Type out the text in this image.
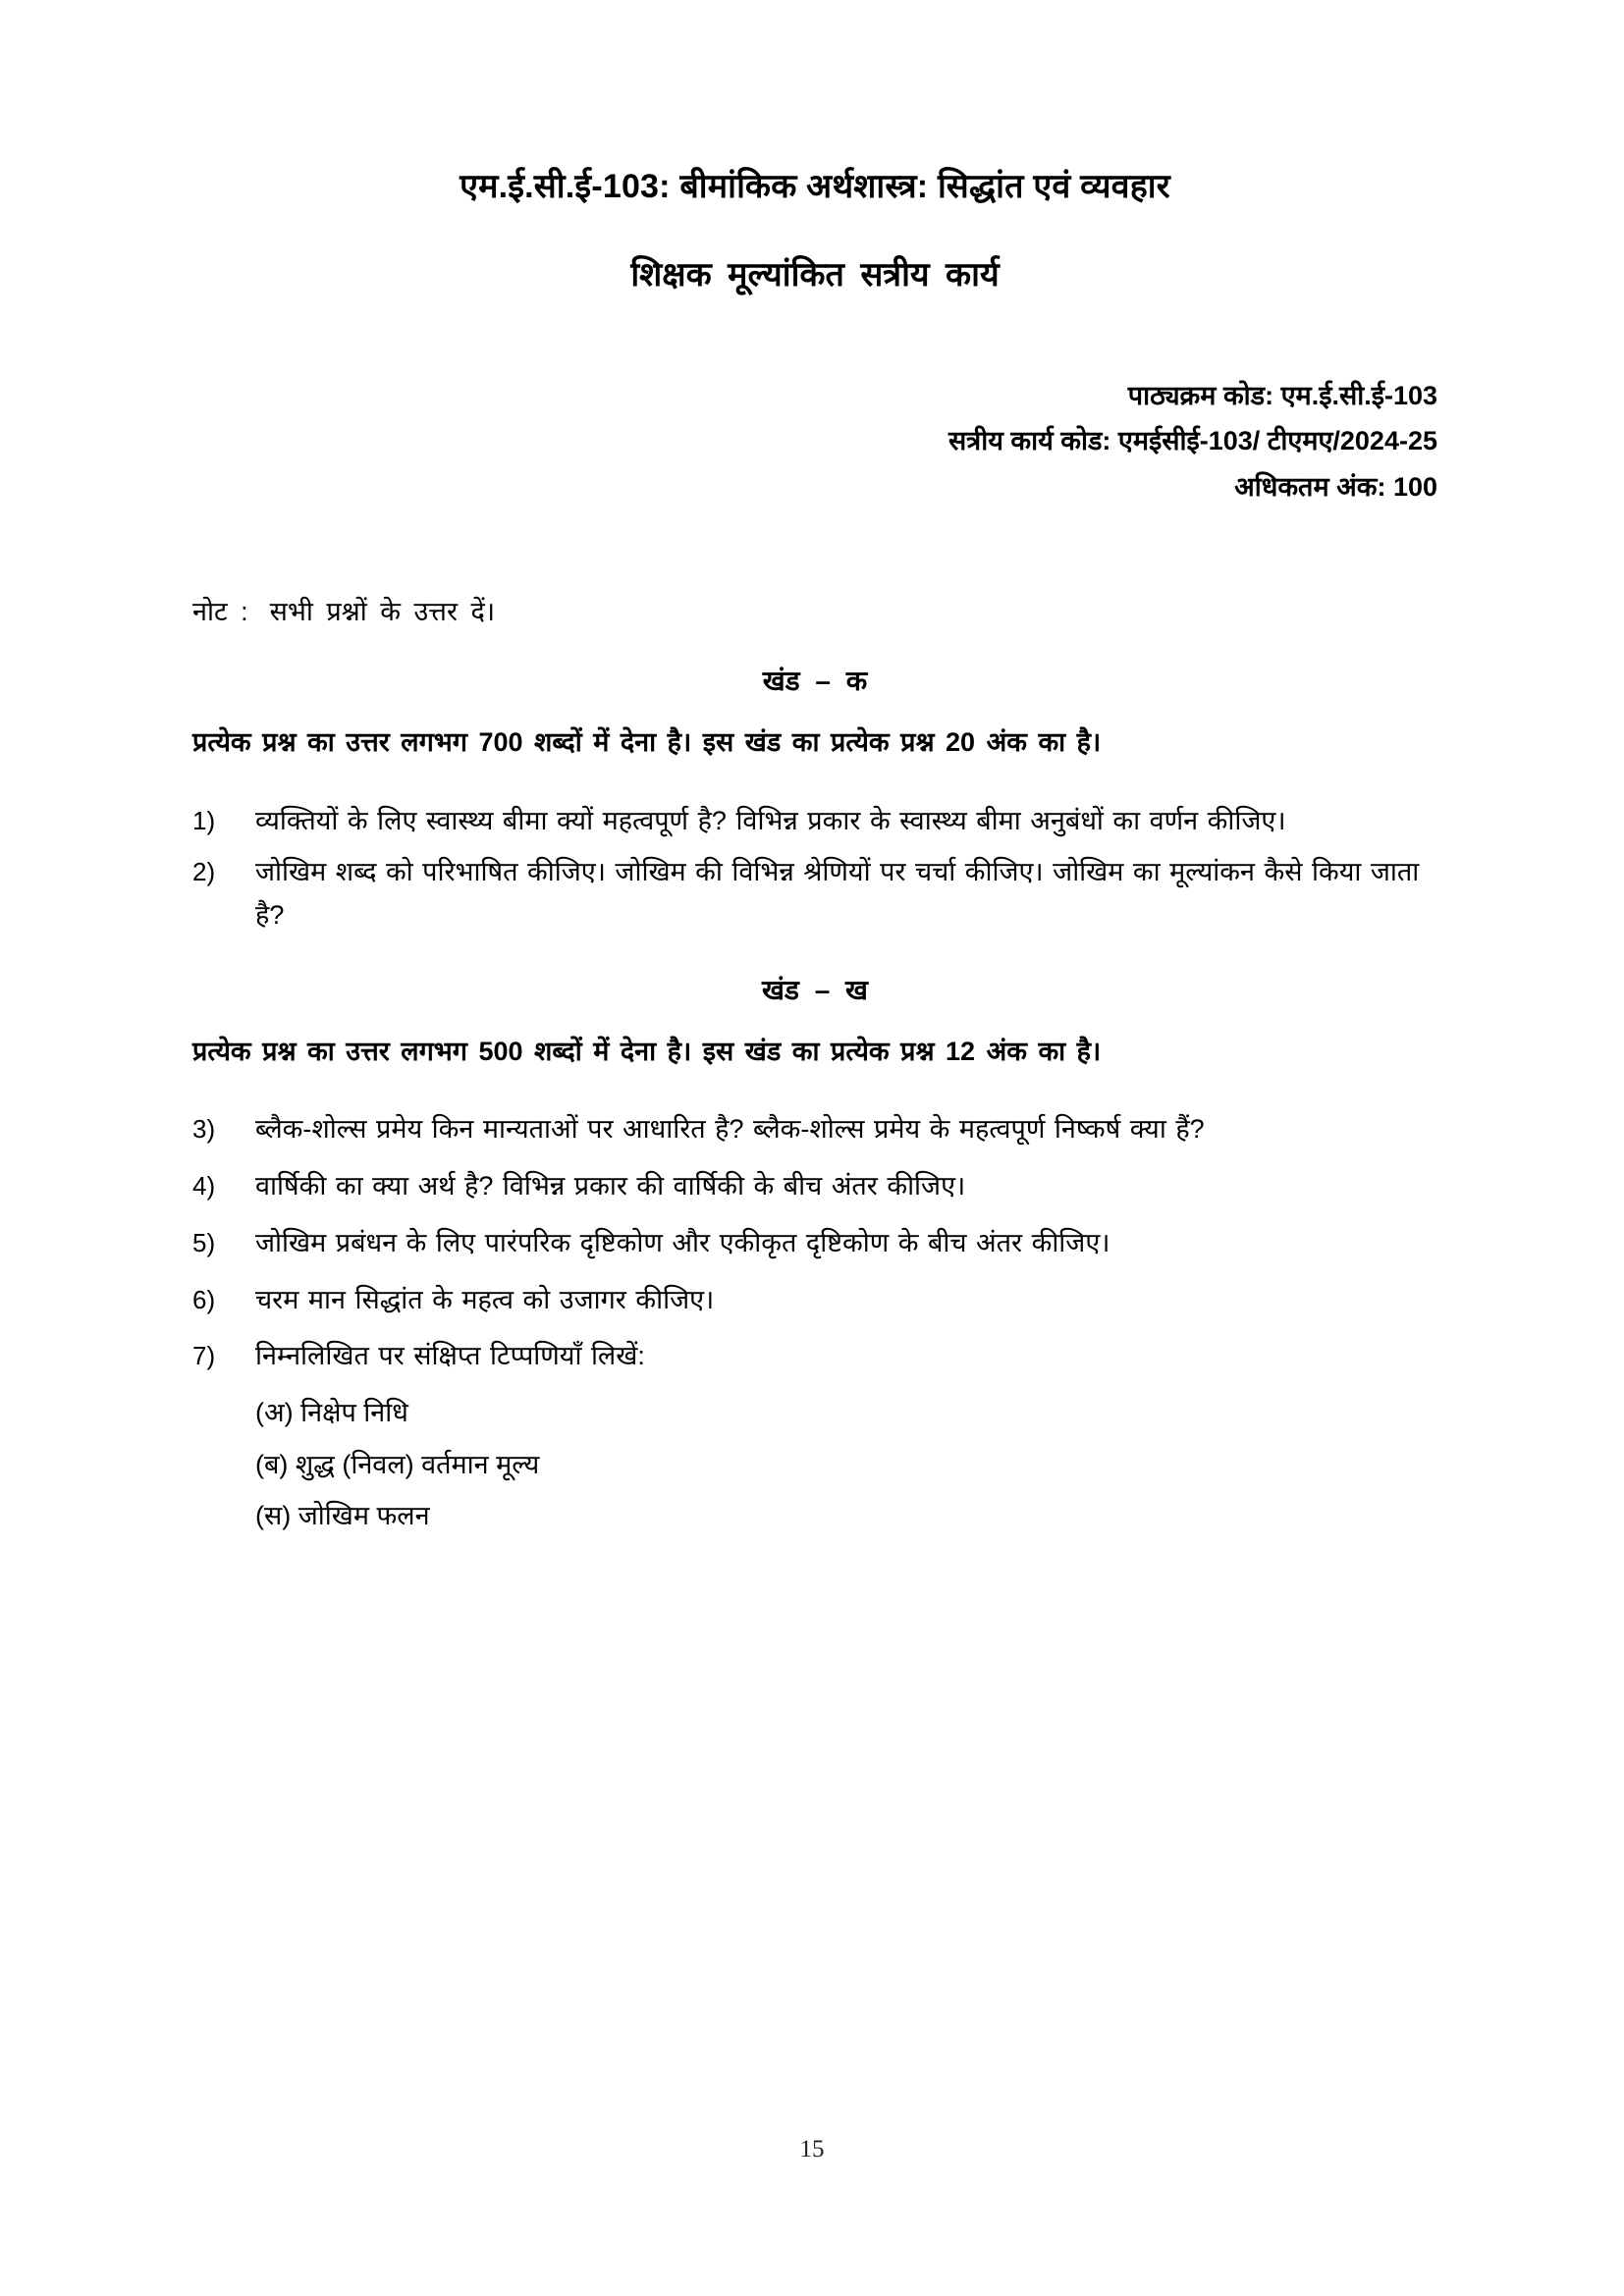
एम.ई.सी.ई-103: बीमांकिक अर्थशास्त्र: सिद्धांत एवं व्यवहार
शिक्षक मूल्यांकित सत्रीय कार्य
पाठ्यक्रम कोड: एम.ई.सी.ई-103
सत्रीय कार्य कोड: एमईसीई-103/ टीएमए/2024-25
अधिकतम अंक: 100
नोट : सभी प्रश्नों के उत्तर दें।
खंड – क
प्रत्येक प्रश्न का उत्तर लगभग 700 शब्दों में देना है। इस खंड का प्रत्येक प्रश्न 20 अंक का है।
1)	व्यक्तियों के लिए स्वास्थ्य बीमा क्यों महत्वपूर्ण है? विभिन्न प्रकार के स्वास्थ्य बीमा अनुबंधों का वर्णन कीजिए।
2)	जोखिम शब्द को परिभाषित कीजिए। जोखिम की विभिन्न श्रेणियों पर चर्चा कीजिए। जोखिम का मूल्यांकन कैसे किया जाता है?
खंड – ख
प्रत्येक प्रश्न का उत्तर लगभग 500 शब्दों में देना है। इस खंड का प्रत्येक प्रश्न 12 अंक का है।
3)	ब्लैक-शोल्स प्रमेय किन मान्यताओं पर आधारित है? ब्लैक-शोल्स प्रमेय के महत्वपूर्ण निष्कर्ष क्या हैं?
4)	वार्षिकी का क्या अर्थ है? विभिन्न प्रकार की वार्षिकी के बीच अंतर कीजिए।
5)	जोखिम प्रबंधन के लिए पारंपरिक दृष्टिकोण और एकीकृत दृष्टिकोण के बीच अंतर कीजिए।
6)	चरम मान सिद्धांत के महत्व को उजागर कीजिए।
7)	निम्नलिखित पर संक्षिप्त टिप्पणियाँ लिखें:
(अ) निक्षेप निधि
(ब) शुद्ध (निवल) वर्तमान मूल्य
(स) जोखिम फलन
15
